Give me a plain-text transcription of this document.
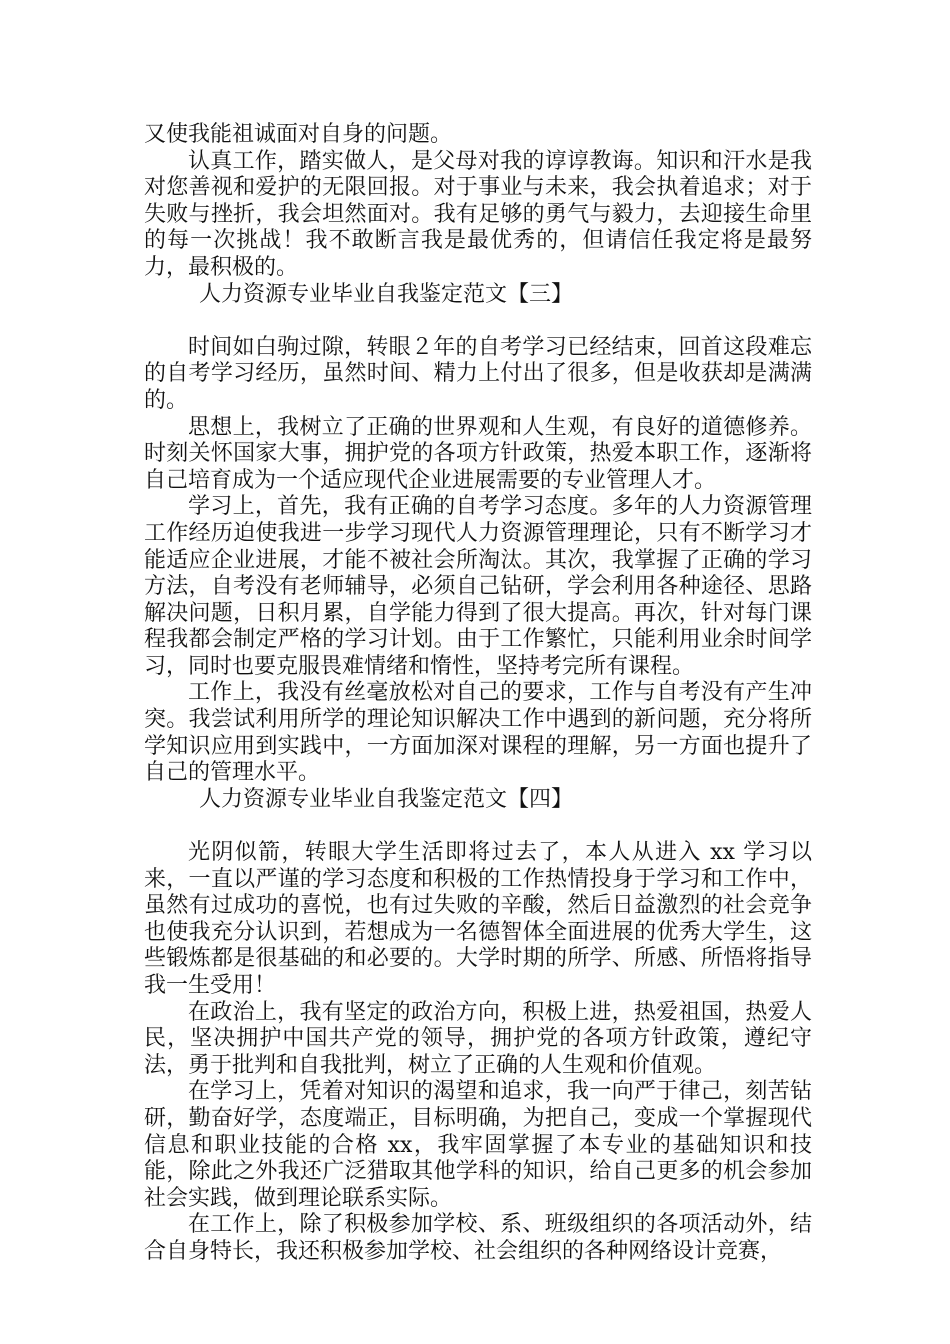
又使我能祖诚面对自身的问题。

认真工作，踏实做人，是父母对我的谆谆教诲。知识和汗水是我对您善视和爱护的无限回报。对于事业与未来，我会执着追求；对于失败与挫折，我会坦然面对。我有足够的勇气与毅力，去迎接生命里的每一次挑战！我不敢断言我是最优秀的，但请信任我定将是最努力，最积极的。

人力资源专业毕业自我鉴定范文【三】

时间如白驹过隙，转眼２年的自考学习已经结束，回首这段难忘的自考学习经历，虽然时间、精力上付出了很多，但是收获却是满满的。

思想上，我树立了正确的世界观和人生观，有良好的道德修养。时刻关怀国家大事，拥护党的各项方针政策，热爱本职工作，逐渐将自己培育成为一个适应现代企业进展需要的专业管理人才。

学习上，首先，我有正确的自考学习态度。多年的人力资源管理工作经历迫使我进一步学习现代人力资源管理理论，只有不断学习才能适应企业进展，才能不被社会所淘汰。其次，我掌握了正确的学习方法，自考没有老师辅导，必须自己钻研，学会利用各种途径、思路解决问题，日积月累，自学能力得到了很大提高。再次，针对每门课程我都会制定严格的学习计划。由于工作繁忙，只能利用业余时间学习，同时也要克服畏难情绪和惰性，坚持考完所有课程。

工作上，我没有丝毫放松对自己的要求，工作与自考没有产生冲突。我尝试利用所学的理论知识解决工作中遇到的新问题，充分将所学知识应用到实践中，一方面加深对课程的理解，另一方面也提升了自己的管理水平。

人力资源专业毕业自我鉴定范文【四】

光阴似箭，转眼大学生活即将过去了，本人从进入 xx 学习以来，一直以严谨的学习态度和积极的工作热情投身于学习和工作中，虽然有过成功的喜悦，也有过失败的辛酸，然后日益激烈的社会竞争也使我充分认识到，若想成为一名德智体全面进展的优秀大学生，这些锻炼都是很基础的和必要的。大学时期的所学、所感、所悟将指导我一生受用！

在政治上，我有坚定的政治方向，积极上进，热爱祖国，热爱人民，坚决拥护中国共产党的领导，拥护党的各项方针政策，遵纪守法，勇于批判和自我批判，树立了正确的人生观和价值观。

在学习上，凭着对知识的渴望和追求，我一向严于律己，刻苦钻研，勤奋好学，态度端正，目标明确，为把自己，变成一个掌握现代信息和职业技能的合格 xx，我牢固掌握了本专业的基础知识和技能，除此之外我还广泛猎取其他学科的知识，给自己更多的机会参加社会实践，做到理论联系实际。

在工作上，除了积极参加学校、系、班级组织的各项活动外，结合自身特长，我还积极参加学校、社会组织的各种网络设计竞赛，
